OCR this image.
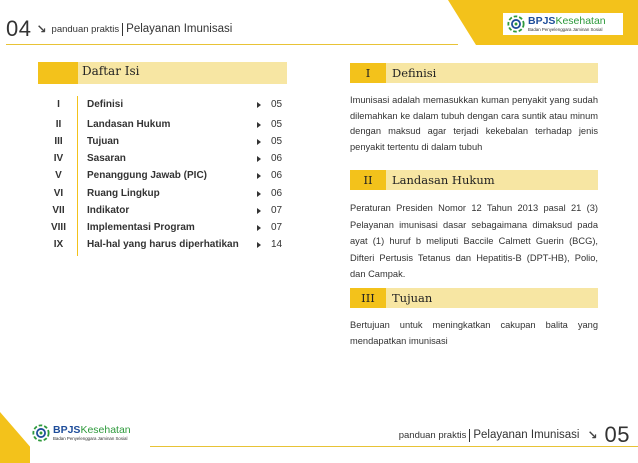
04 ↘ panduan praktis Pelayanan Imunisasi
BPJSKesehatan
Badan Penyelenggara Jaminan Sosial
Daftar Isi
I	Definisi	05
II	Landasan Hukum	05
III	Tujuan	05
IV	Sasaran	06
V	Penanggung Jawab (PIC)	06
VI	Ruang Lingkup	06
VII	Indikator	07
VIII	Implementasi Program	07
IX	Hal-hal yang harus diperhatikan	14
I	Definisi
Imunisasi adalah memasukkan kuman penyakit yang sudah dilemahkan ke dalam tubuh dengan cara suntik atau minum dengan maksud agar terjadi kekebalan terhadap jenis penyakit tertentu di dalam tubuh
II	Landasan Hukum
Peraturan Presiden Nomor 12 Tahun 2013 pasal 21 (3) Pelayanan imunisasi dasar sebagaimana dimaksud pada ayat (1) huruf b meliputi Baccile Calmett Guerin (BCG), Difteri Pertusis Tetanus dan Hepatitis-B (DPT-HB), Polio, dan Campak.
III	Tujuan
Bertujuan untuk meningkatkan cakupan balita yang mendapatkan imunisasi
BPJSKesehatan
Badan Penyelenggara Jaminan Sosial	panduan praktis Pelayanan Imunisasi ↘ 05
